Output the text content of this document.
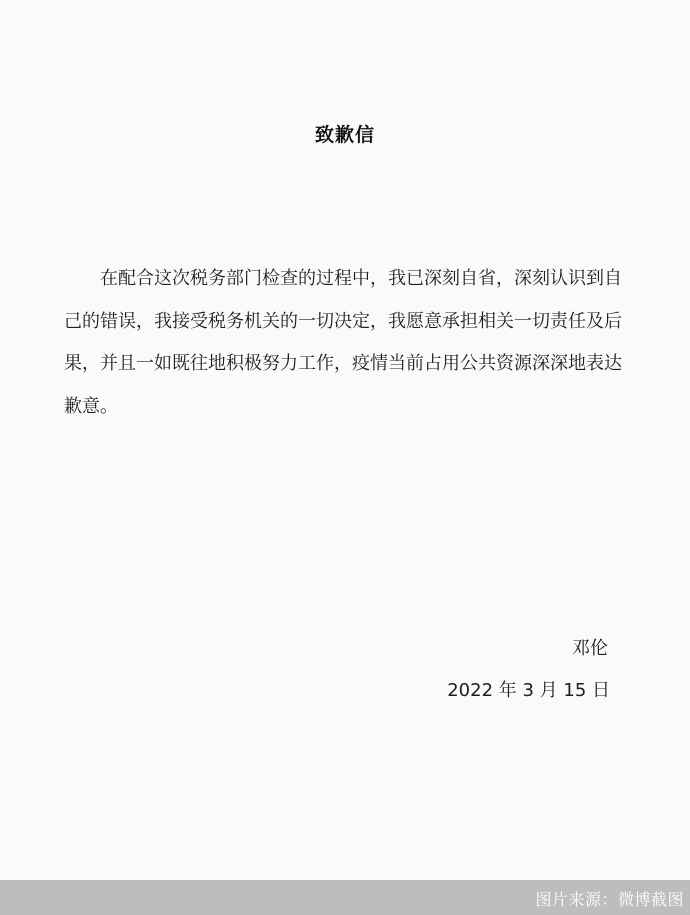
致歉信

在配合这次税务部门检查的过程中，我已深刻自省，深刻认识到自己的错误，我接受税务机关的一切决定，我愿意承担相关一切责任及后果，并且一如既往地积极努力工作，疫情当前占用公共资源深深地表达歉意。

邓伦
2022 年 3 月 15 日
图片来源：微博截图
